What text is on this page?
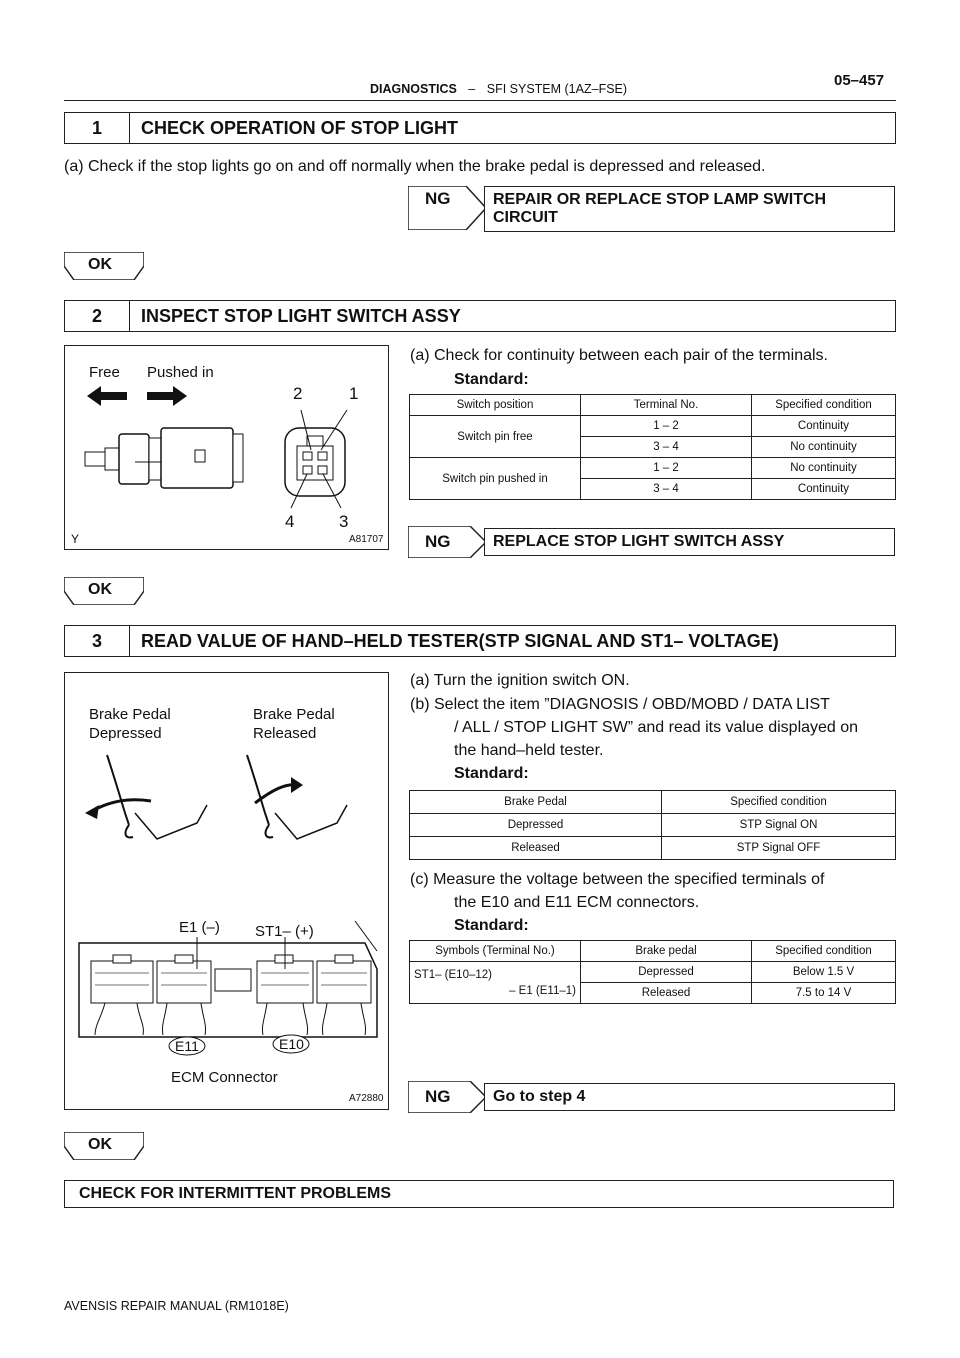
DIAGNOSTICS – SFI SYSTEM (1AZ–FSE)	05–457
1	CHECK OPERATION OF STOP LIGHT
(a) Check if the stop lights go on and off normally when the brake pedal is depressed and released.
NG	REPAIR OR REPLACE STOP LAMP SWITCH
CIRCUIT
OK
2	INSPECT STOP LIGHT SWITCH ASSY
Free Pushed in
1
2
3
4
Y	A81707
(a) Check for continuity between each pair of the terminals.
Standard:
Switch position	Terminal No.	Specified condition
Switch pin free	1 – 2	Continuity
	3 – 4	No continuity
Switch pin pushed in	1 – 2	No continuity
	3 – 4	Continuity
NG	REPLACE STOP LIGHT SWITCH ASSY
OK
3	READ VALUE OF HAND–HELD TESTER(STP SIGNAL AND ST1– VOLTAGE)
Brake Pedal
Depressed
Brake Pedal
Released
E1 (–) ST1– (+)
E11	E10
ECM Connector
A72880
(a) Turn the ignition switch ON.
(b) Select the item ”DIAGNOSIS / OBD/MOBD / DATA LIST
/ ALL / STOP LIGHT SW” and read its value displayed on
the hand–held tester.
Standard:
Brake Pedal	Specified condition
Depressed	STP Signal ON
Released	STP Signal OFF
(c) Measure the voltage between the specified terminals of
the E10 and E11 ECM connectors.
Standard:
Symbols (Terminal No.)	Brake pedal	Specified condition

ST1– (E10–12)
– E1 (E11–1)	Depressed	Below 1.5 V
	Released	7.5 to 14 V
NG	Go to step 4
OK
CHECK FOR INTERMITTENT PROBLEMS
AVENSIS REPAIR MANUAL (RM1018E)
